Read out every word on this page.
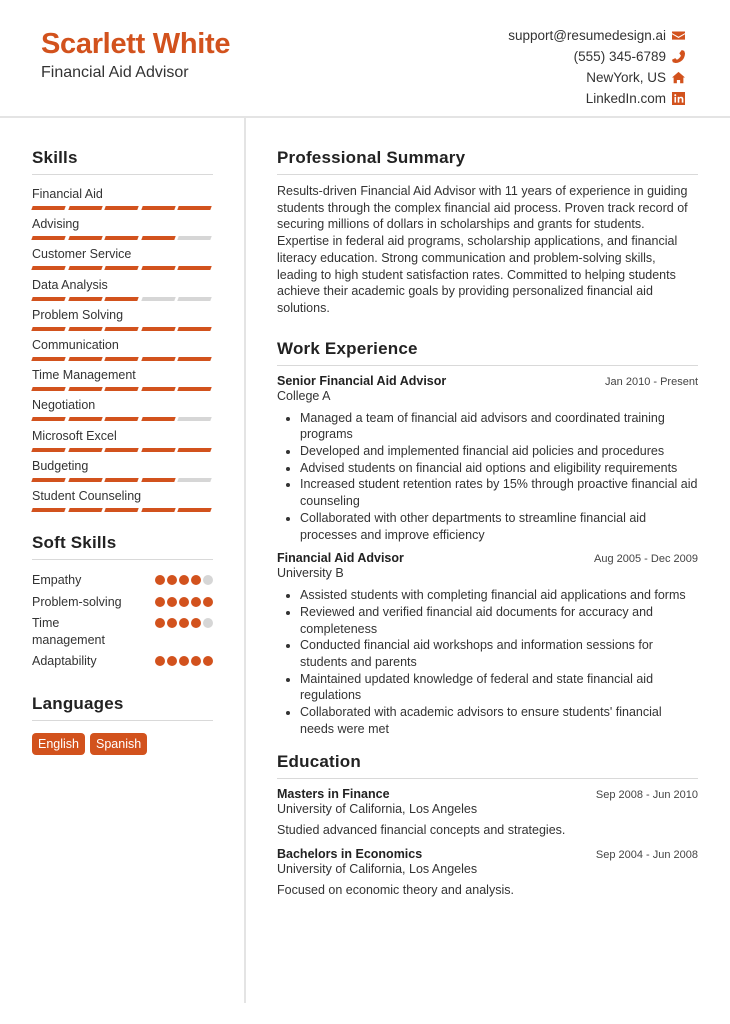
Scarlett White
Financial Aid Advisor
support@resumedesign.ai
(555) 345-6789
NewYork, US
LinkedIn.com
Skills
Financial Aid
Advising
Customer Service
Data Analysis
Problem Solving
Communication
Time Management
Negotiation
Microsoft Excel
Budgeting
Student Counseling
Soft Skills
Empathy
Problem-solving
Time management
Adaptability
Languages
English	Spanish
Professional Summary

Results-driven Financial Aid Advisor with 11 years of experience in guiding students through the complex financial aid process. Proven track record of securing millions of dollars in scholarships and grants for students. Expertise in federal aid programs, scholarship applications, and financial literacy education. Strong communication and problem-solving skills, leading to high student satisfaction rates. Committed to helping students achieve their academic goals by providing personalized financial aid solutions.

Work Experience
Senior Financial Aid Advisor	Jan 2010 - Present
College A
• Managed a team of financial aid advisors and coordinated training programs
• Developed and implemented financial aid policies and procedures
• Advised students on financial aid options and eligibility requirements
• Increased student retention rates by 15% through proactive financial aid counseling
• Collaborated with other departments to streamline financial aid processes and improve efficiency
Financial Aid Advisor	Aug 2005 - Dec 2009
University B
• Assisted students with completing financial aid applications and forms
• Reviewed and verified financial aid documents for accuracy and completeness
• Conducted financial aid workshops and information sessions for students and parents
• Maintained updated knowledge of federal and state financial aid regulations
• Collaborated with academic advisors to ensure students' financial needs were met
Education
Masters in Finance	Sep 2008 - Jun 2010
University of California, Los Angeles
Studied advanced financial concepts and strategies.
Bachelors in Economics	Sep 2004 - Jun 2008
University of California, Los Angeles
Focused on economic theory and analysis.
